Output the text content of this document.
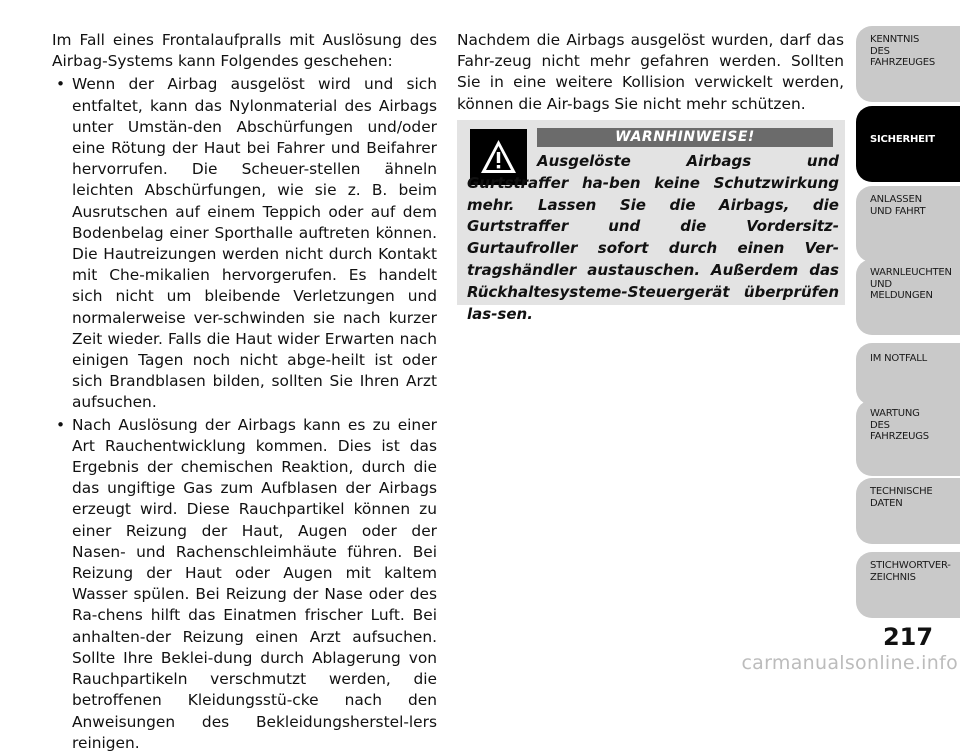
Im Fall eines Frontalaufpralls mit Auslösung des Airbag-Systems kann Folgendes geschehen:

• Wenn der Airbag ausgelöst wird und sich entfaltet, kann das Nylonmaterial des Airbags unter Umstän-den Abschürfungen und/oder eine Rötung der Haut bei Fahrer und Beifahrer hervorrufen. Die Scheuer-stellen ähneln leichten Abschürfungen, wie sie z. B. beim Ausrutschen auf einem Teppich oder auf dem Bodenbelag einer Sporthalle auftreten können. Die Hautreizungen werden nicht durch Kontakt mit Che-mikalien hervorgerufen. Es handelt sich nicht um bleibende Verletzungen und normalerweise ver-schwinden sie nach kurzer Zeit wieder. Falls die Haut wider Erwarten nach einigen Tagen noch nicht abge-heilt ist oder sich Brandblasen bilden, sollten Sie Ihren Arzt aufsuchen.
• Nach Auslösung der Airbags kann es zu einer Art Rauchentwicklung kommen. Dies ist das Ergebnis der chemischen Reaktion, durch die das ungiftige Gas zum Aufblasen der Airbags erzeugt wird. Diese Rauchpartikel können zu einer Reizung der Haut, Augen oder der Nasen- und Rachenschleimhäute führen. Bei Reizung der Haut oder Augen mit kaltem Wasser spülen. Bei Reizung der Nase oder des Ra-chens hilft das Einatmen frischer Luft. Bei anhalten-der Reizung einen Arzt aufsuchen. Sollte Ihre Beklei-dung durch Ablagerung von Rauchpartikeln verschmutzt werden, die betroffenen Kleidungsstü-cke nach den Anweisungen des Bekleidungsherstel-lers reinigen.

Nachdem die Airbags ausgelöst wurden, darf das Fahr-zeug nicht mehr gefahren werden. Sollten Sie in eine weitere Kollision verwickelt werden, können die Air-bags Sie nicht mehr schützen.

WARNHINWEISE!
Ausgelöste Airbags und Gurtstraffer ha-ben keine Schutzwirkung mehr. Lassen Sie die Airbags, die Gurtstraffer und die Vordersitz-Gurtaufroller sofort durch einen Ver-tragshändler austauschen. Außerdem das Rückhaltesysteme-Steuergerät überprüfen las-sen.
KENNTNIS
DES
FAHRZEUGES
SICHERHEIT
ANLASSEN
UND FAHRT
WARNLEUCHTEN
UND
MELDUNGEN
IM NOTFALL
WARTUNG
DES
FAHRZEUGS
TECHNISCHE
DATEN
STICHWORTVER-
ZEICHNIS
217
carmanualsonline.info
